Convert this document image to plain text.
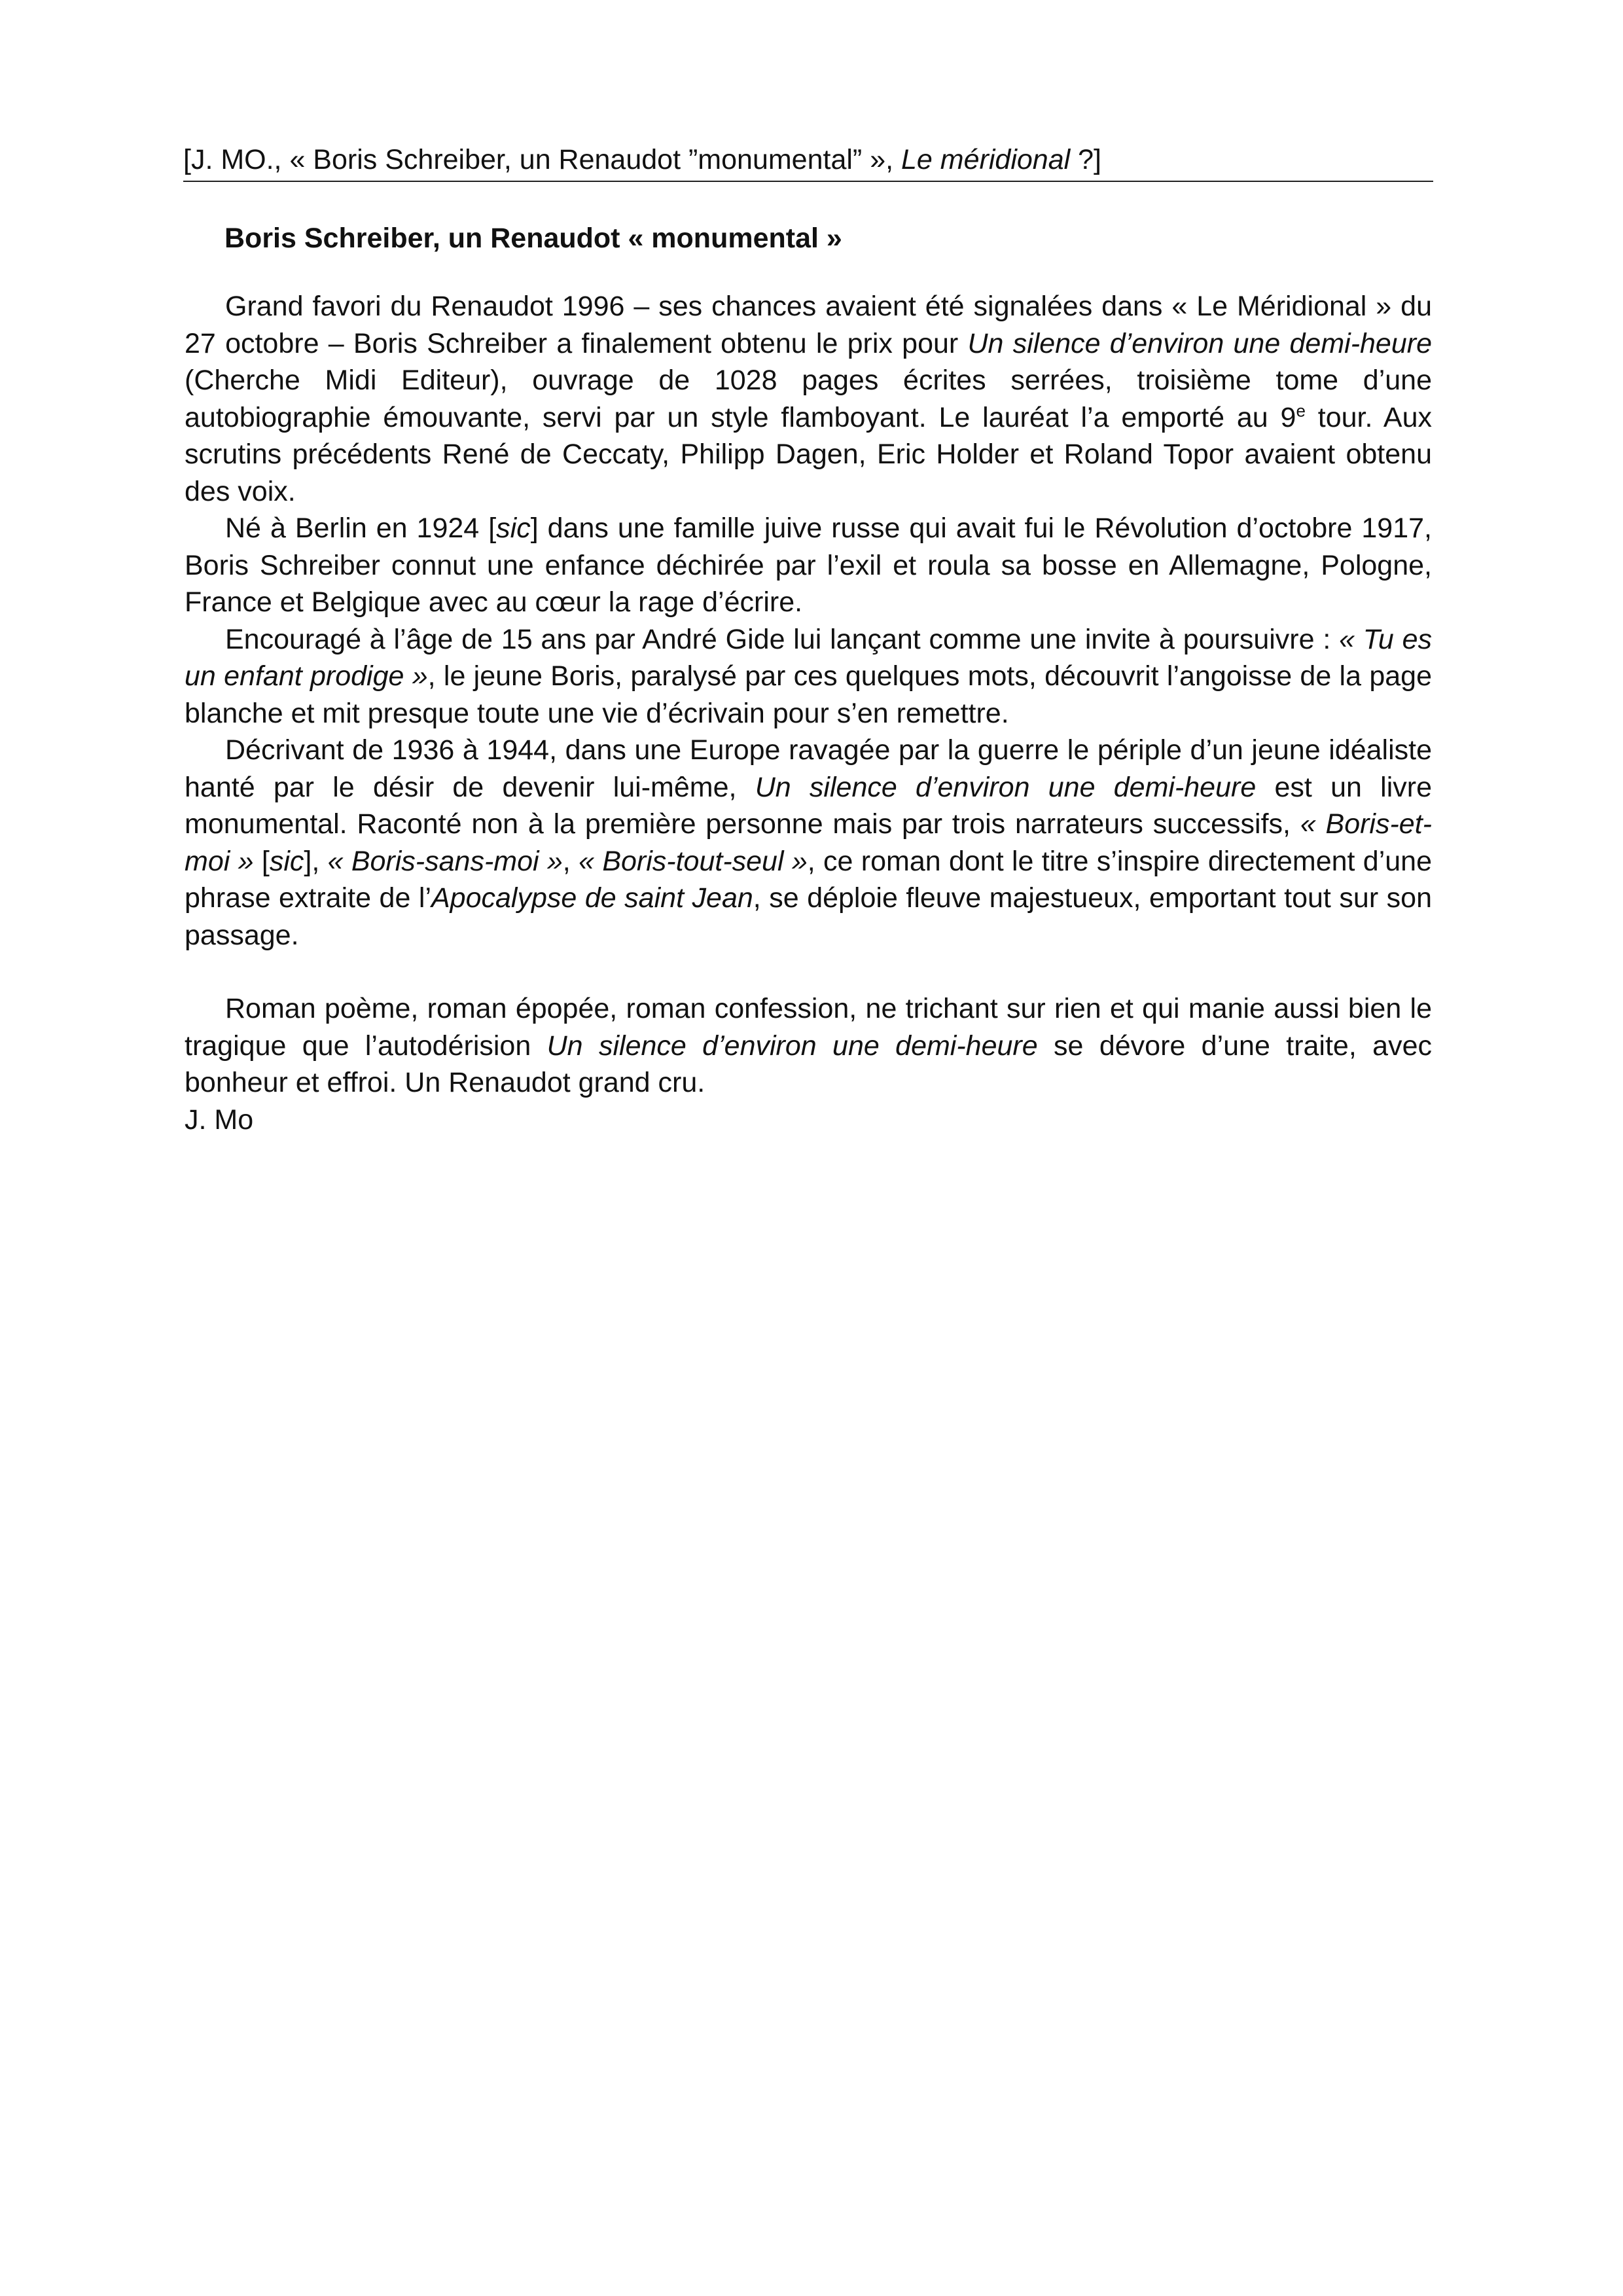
[J. MO., « Boris Schreiber, un Renaudot ”monumental” », Le méridional ?]
Boris Schreiber, un Renaudot « monumental »

Grand favori du Renaudot 1996 – ses chances avaient été signalées dans « Le Méridional » du 27 octobre – Boris Schreiber a finalement obtenu le prix pour Un silence d’environ une demi-heure (Cherche Midi Editeur), ouvrage de 1028 pages écrites serrées, troisième tome d’une autobiographie émouvante, servi par un style flamboyant. Le lauréat l’a emporté au 9e tour. Aux scrutins précédents René de Ceccaty, Philipp Dagen, Eric Holder et Roland Topor avaient obtenu des voix.

Né à Berlin en 1924 [sic] dans une famille juive russe qui avait fui le Révolution d’octobre 1917, Boris Schreiber connut une enfance déchirée par l’exil et roula sa bosse en Allemagne, Pologne, France et Belgique avec au cœur la rage d’écrire.

Encouragé à l’âge de 15 ans par André Gide lui lançant comme une invite à poursuivre : « Tu es un enfant prodige », le jeune Boris, paralysé par ces quelques mots, découvrit l’angoisse de la page blanche et mit presque toute une vie d’écrivain pour s’en remettre.

Décrivant de 1936 à 1944, dans une Europe ravagée par la guerre le périple d’un jeune idéaliste hanté par le désir de devenir lui-même, Un silence d’environ une demi-heure est un livre monumental. Raconté non à la première personne mais par trois narrateurs successifs, « Boris-et-moi » [sic], « Boris-sans-moi », « Boris-tout-seul », ce roman dont le titre s’inspire directement d’une phrase extraite de l’Apocalypse de saint Jean, se déploie fleuve majestueux, emportant tout sur son passage.

Roman poème, roman épopée, roman confession, ne trichant sur rien et qui manie aussi bien le tragique que l’autodérision Un silence d’environ une demi-heure se dévore d’une traite, avec bonheur et effroi. Un Renaudot grand cru.

J. Mo
